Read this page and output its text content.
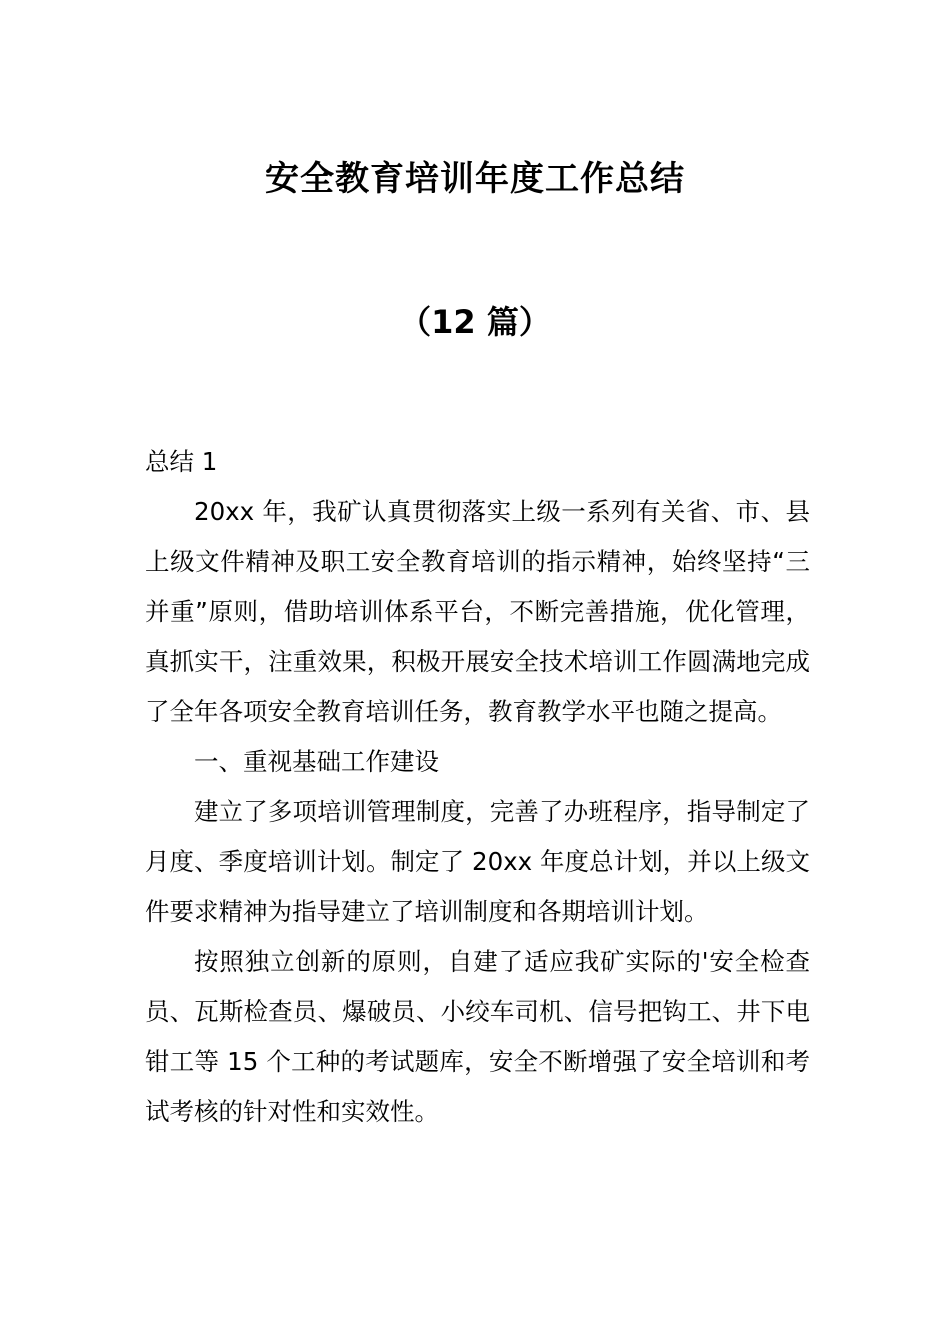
安全教育培训年度工作总结
（12 篇）

总结 1

20xx 年，我矿认真贯彻落实上级一系列有关省、市、县上级文件精神及职工安全教育培训的指示精神，始终坚持“三并重”原则，借助培训体系平台，不断完善措施，优化管理，真抓实干，注重效果，积极开展安全技术培训工作圆满地完成了全年各项安全教育培训任务，教育教学水平也随之提高。

一、重视基础工作建设

建立了多项培训管理制度，完善了办班程序，指导制定了月度、季度培训计划。制定了 20xx 年度总计划，并以上级文件要求精神为指导建立了培训制度和各期培训计划。

按照独立创新的原则，自建了适应我矿实际的'安全检查员、瓦斯检查员、爆破员、小绞车司机、信号把钩工、井下电钳工等 15 个工种的考试题库，安全不断增强了安全培训和考试考核的针对性和实效性。
